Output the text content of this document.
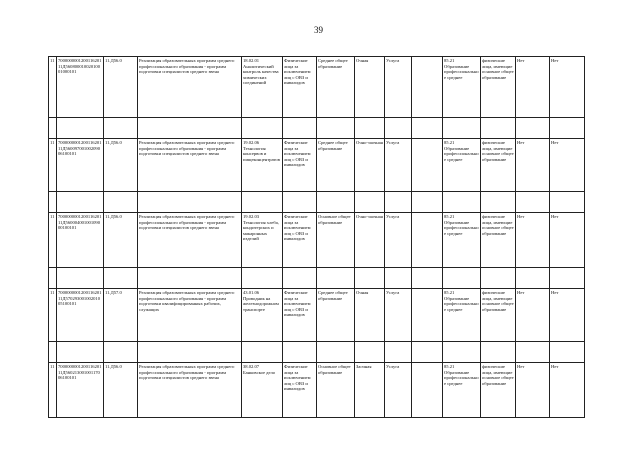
39
11	700000000120011620111Д56080001002010001000101	11.Д56.0	Реализация образовательных программ среднего профессионального образования - программ подготовки специалистов среднего звена	18.02.01 Аналитический контроль качества химических соединений	Физические лица за исключением лиц с ОВЗ и инвалидов	Среднее общее образование	Очная	Услуга		85.21 Образование профессиональное среднее	физические лица, имеющие основное общее образование	Нет	Нет

11	700000000120011620111Д56009700100209006100101	11.Д56.0	Реализация образовательных программ среднего профессионального образования - программ подготовки специалистов среднего звена	19.02.06 Технология консервов и пищеконцентратов	Физические лица за исключением лиц с ОВЗ и инвалидов	Среднее общее образование	Очно-заочная	Услуга		85.21 Образование профессиональное среднее	физические лица, имеющие основное общее образование	Нет	Нет

11	700000000120011620111Д56000400100109000100101	11.Д56.0	Реализация образовательных программ среднего профессионального образования - программ подготовки специалистов среднего звена	19.02.03 Технология хлеба, кондитерских и макаронных изделий	Физические лица за исключением лиц с ОВЗ и инвалидов	Основное общее образование	Очно-заочная	Услуга		85.21 Образование профессиональное среднее	физические лица, имеющие основное общее образование	Нет	Нет

11	700000000120011620111Д57029300100201005100101	11.Д57.0	Реализация образовательных программ среднего профессионального образования - программ подготовки квалифицированных рабочих, служащих	43.01.06 Проводник на железнодорожном транспорте	Физические лица за исключением лиц с ОВЗ и инвалидов	Среднее общее образование	Очная	Услуга		85.21 Образование профессиональное среднее	физические лица, имеющие основное общее образование	Нет	Нет

11	700000000120011620111Д56021300100117006100101	11.Д56.0	Реализация образовательных программ среднего профессионального образования - программ подготовки специалистов среднего звена	38.02.07 Банковское дело	Физические лица за исключением лиц с ОВЗ и инвалидов	Основное общее образование	Заочная	Услуга		85.21 Образование профессиональное среднее	физические лица, имеющие основное общее образование	Нет	Нет
